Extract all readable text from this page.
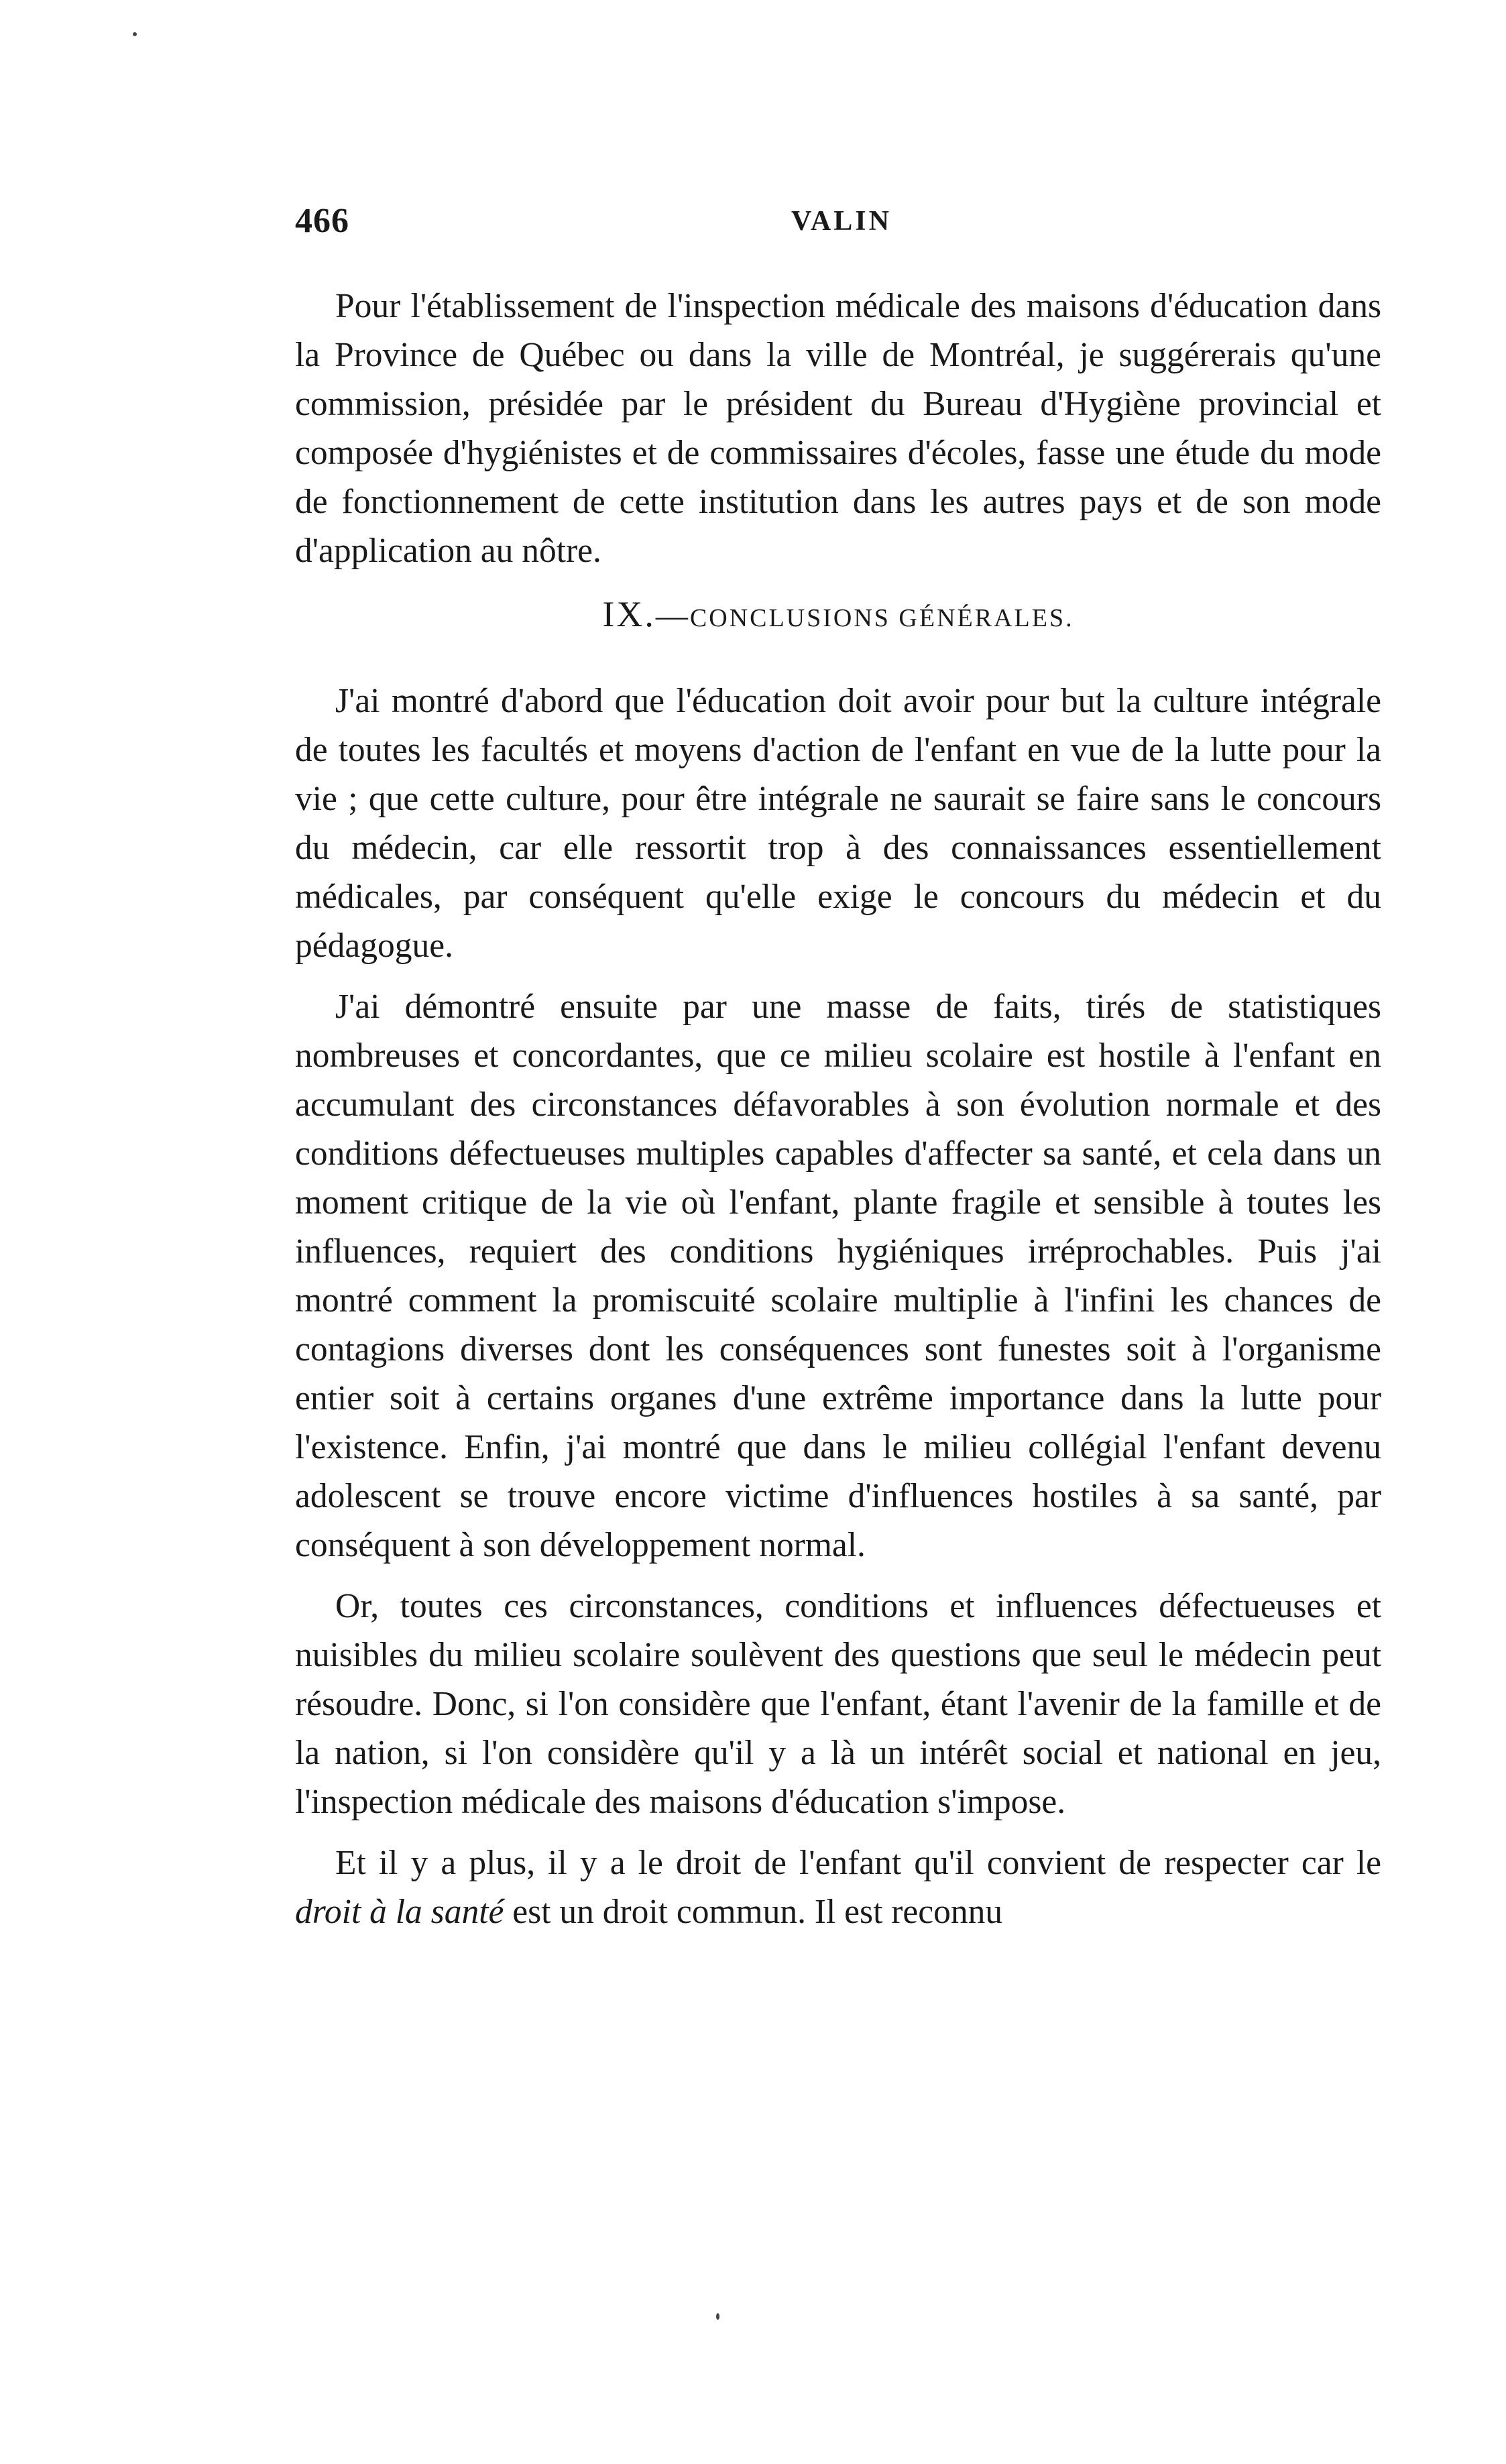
466	VALIN

Pour l'établissement de l'inspection médicale des maisons d'éducation dans la Province de Québec ou dans la ville de Montréal, je suggérerais qu'une commission, présidée par le président du Bureau d'Hygiène provincial et composée d'hygiénistes et de commissaires d'écoles, fasse une étude du mode de fonctionnement de cette institution dans les autres pays et de son mode d'application au nôtre.

IX.—CONCLUSIONS GÉNÉRALES.

J'ai montré d'abord que l'éducation doit avoir pour but la culture intégrale de toutes les facultés et moyens d'action de l'enfant en vue de la lutte pour la vie ; que cette culture, pour être intégrale ne saurait se faire sans le concours du médecin, car elle ressortit trop à des connaissances essentiellement médicales, par conséquent qu'elle exige le concours du médecin et du pédagogue.

J'ai démontré ensuite par une masse de faits, tirés de statistiques nombreuses et concordantes, que ce milieu scolaire est hostile à l'enfant en accumulant des circonstances défavorables à son évolution normale et des conditions défectueuses multiples capables d'affecter sa santé, et cela dans un moment critique de la vie où l'enfant, plante fragile et sensible à toutes les influences, requiert des conditions hygiéniques irréprochables. Puis j'ai montré comment la promiscuité scolaire multiplie à l'infini les chances de contagions diverses dont les conséquences sont funestes soit à l'organisme entier soit à certains organes d'une extrême importance dans la lutte pour l'existence. Enfin, j'ai montré que dans le milieu collégial l'enfant devenu adolescent se trouve encore victime d'influences hostiles à sa santé, par conséquent à son développement normal.

Or, toutes ces circonstances, conditions et influences défectueuses et nuisibles du milieu scolaire soulèvent des questions que seul le médecin peut résoudre. Donc, si l'on considère que l'enfant, étant l'avenir de la famille et de la nation, si l'on considère qu'il y a là un intérêt social et national en jeu, l'inspection médicale des maisons d'éducation s'impose.

Et il y a plus, il y a le droit de l'enfant qu'il convient de respecter car le droit à la santé est un droit commun. Il est reconnu
